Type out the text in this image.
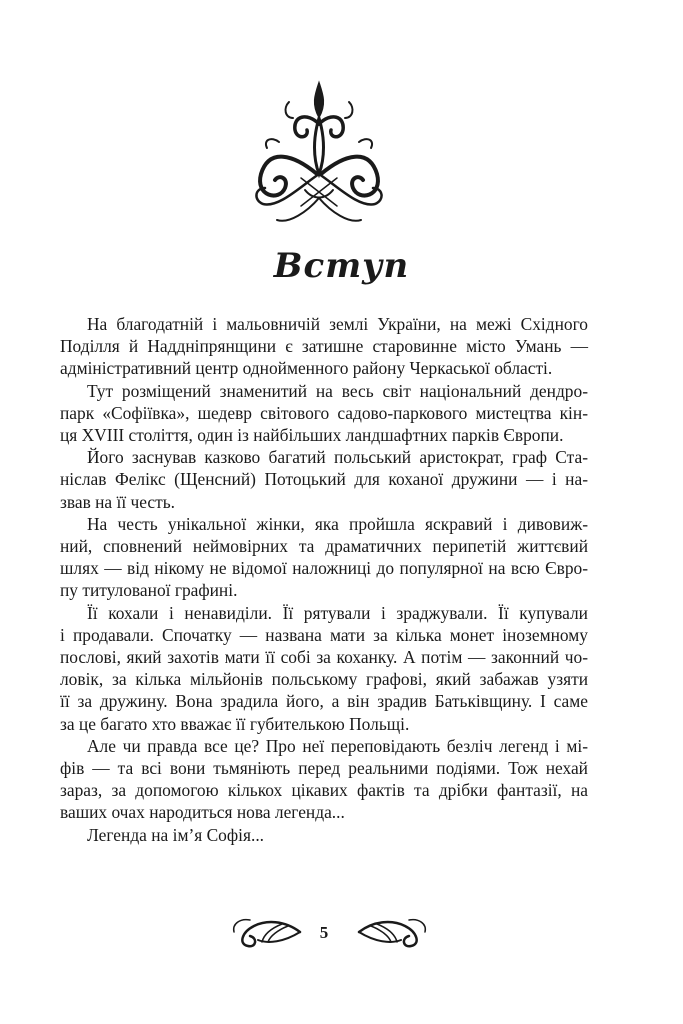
Вступ

На благодатній і мальовничій землі України, на межі Східного
Поділля й Наддніпрянщини є затишне старовинне місто Умань —
адміністративний центр однойменного району Черкаської області.

Тут розміщений знаменитий на весь світ національний дендро-
парк «Софіївка», шедевр світового садово-паркового мистецтва кін-
ця XVIII століття, один із найбільших ландшафтних парків Європи.

Його заснував казково багатий польський аристократ, граф Ста-
ніслав Фелікс (Щенсний) Потоцький для коханої дружини — і на-
звав на її честь.

На честь унікальної жінки, яка пройшла яскравий і дивовиж-
ний, сповнений неймовірних та драматичних перипетій життєвий
шлях — від нікому не відомої наложниці до популярної на всю Євро-
пу титулованої графині.

Її кохали і ненавиділи. Її рятували і зраджували. Її купували
і продавали. Спочатку — названа мати за кілька монет іноземному
послові, який захотів мати її собі за коханку. А потім — законний чо-
ловік, за кілька мільйонів польському графові, який забажав узяти
її за дружину. Вона зрадила його, а він зрадив Батьківщину. І саме
за це багато хто вважає її губителькою Польщі.

Але чи правда все це? Про неї переповідають безліч легенд і мі-
фів — та всі вони тьмяніють перед реальними подіями. Тож нехай
зараз, за допомогою кількох цікавих фактів та дрібки фантазії, на
ваших очах народиться нова легенда...

Легенда на ім’я Софія...

5
